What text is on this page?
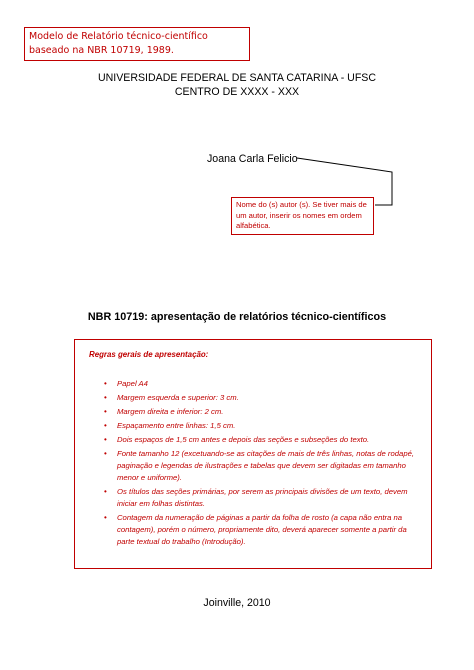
Modelo de Relatório técnico-científico baseado na NBR 10719, 1989.
UNIVERSIDADE FEDERAL DE SANTA CATARINA - UFSC
CENTRO DE XXXX - XXX
Joana Carla Felicio
Nome do (s) autor (s). Se tiver mais de um autor, inserir os nomes em ordem alfabética.
NBR 10719: apresentação de relatórios técnico-científicos
Regras gerais de apresentação:
• Papel A4
• Margem esquerda e superior: 3 cm.
• Margem direita e inferior: 2 cm.
• Espaçamento entre linhas: 1,5 cm.
• Dois espaços de 1,5 cm antes e depois das seções e subseções do texto.
• Fonte tamanho 12 (excetuando-se as citações de mais de três linhas, notas de rodapé, paginação e legendas de ilustrações e tabelas que devem ser digitadas em tamanho menor e uniforme).
• Os títulos das seções primárias, por serem as principais divisões de um texto, devem iniciar em folhas distintas.
• Contagem da numeração de páginas a partir da folha de rosto (a capa não entra na contagem), porém o número, propriamente dito, deverá aparecer somente a partir da parte textual do trabalho (Introdução).
Joinville, 2010
